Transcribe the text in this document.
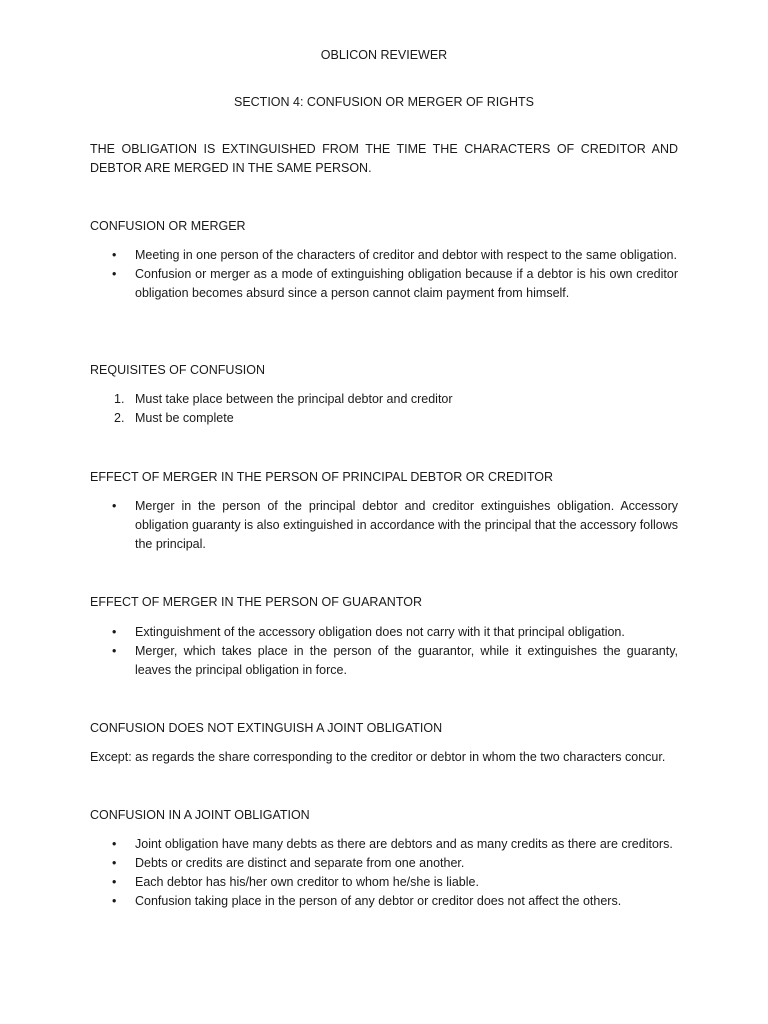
OBLICON REVIEWER
SECTION 4: CONFUSION OR MERGER OF RIGHTS

THE OBLIGATION IS EXTINGUISHED FROM THE TIME THE CHARACTERS OF CREDITOR AND DEBTOR ARE MERGED IN THE SAME PERSON.

CONFUSION OR MERGER
• Meeting in one person of the characters of creditor and debtor with respect to the same obligation.
• Confusion or merger as a mode of extinguishing obligation because if a debtor is his own creditor obligation becomes absurd since a person cannot claim payment from himself.
REQUISITES OF CONFUSION
1. Must take place between the principal debtor and creditor
2. Must be complete
EFFECT OF MERGER IN THE PERSON OF PRINCIPAL DEBTOR OR CREDITOR
• Merger in the person of the principal debtor and creditor extinguishes obligation. Accessory obligation guaranty is also extinguished in accordance with the principal that the accessory follows the principal.
EFFECT OF MERGER IN THE PERSON OF GUARANTOR
• Extinguishment of the accessory obligation does not carry with it that principal obligation.
• Merger, which takes place in the person of the guarantor, while it extinguishes the guaranty, leaves the principal obligation in force.
CONFUSION DOES NOT EXTINGUISH A JOINT OBLIGATION

Except: as regards the share corresponding to the creditor or debtor in whom the two characters concur.

CONFUSION IN A JOINT OBLIGATION
• Joint obligation have many debts as there are debtors and as many credits as there are creditors.
• Debts or credits are distinct and separate from one another.
• Each debtor has his/her own creditor to whom he/she is liable.
• Confusion taking place in the person of any debtor or creditor does not affect the others.
